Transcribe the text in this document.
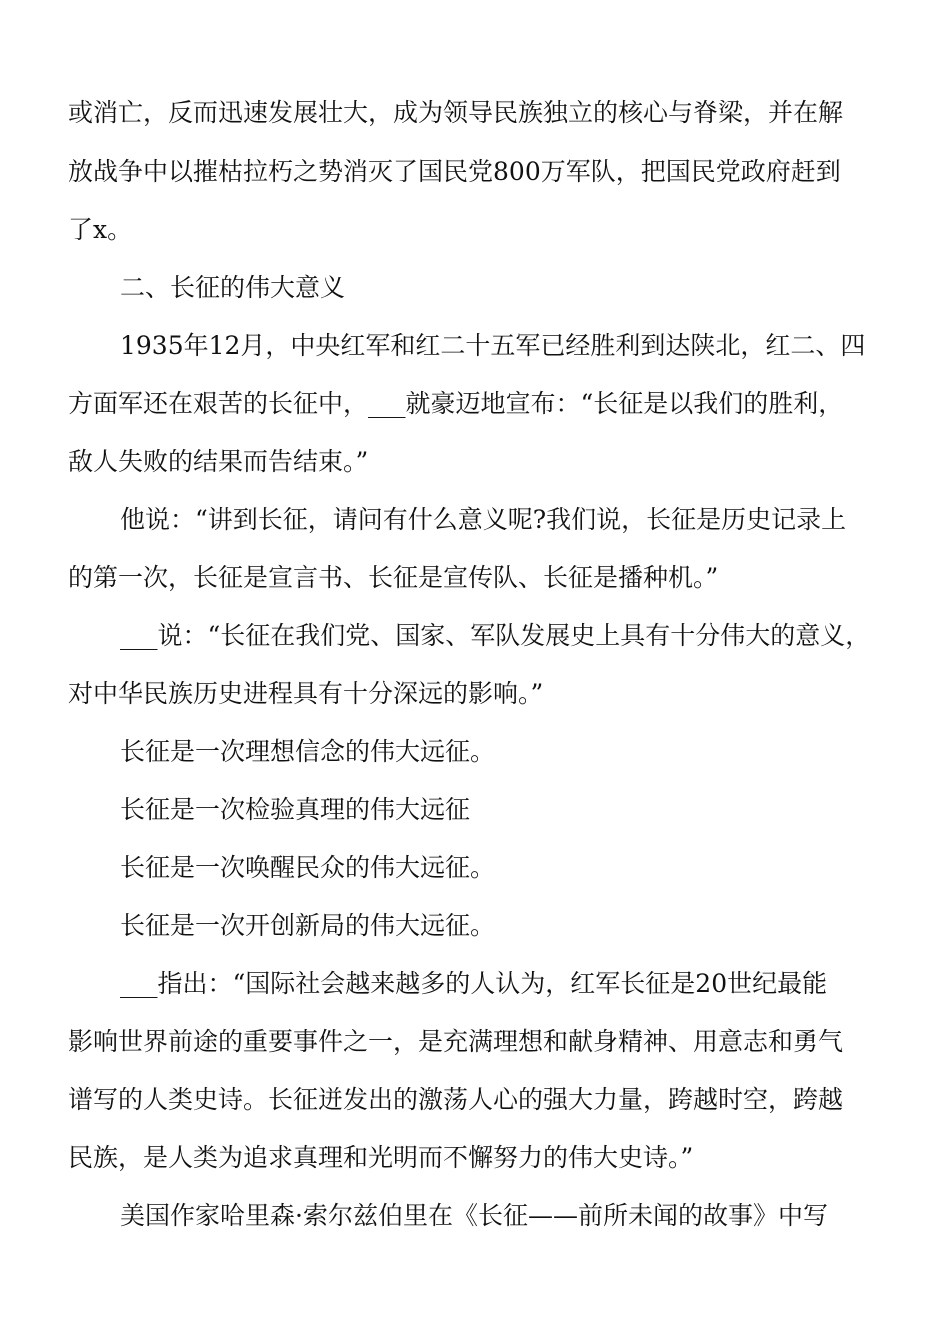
或消亡，反而迅速发展壮大，成为领导民族独立的核心与脊梁，并在解
放战争中以摧枯拉朽之势消灭了国民党800万军队，把国民党政府赶到
了x。
二、长征的伟大意义
1935年12月，中央红军和红二十五军已经胜利到达陕北，红二、四
方面军还在艰苦的长征中，___就豪迈地宣布：“长征是以我们的胜利，
敌人失败的结果而告结束。”
他说：“讲到长征，请问有什么意义呢?我们说，长征是历史记录上
的第一次，长征是宣言书、长征是宣传队、长征是播种机。”
___说：“长征在我们党、国家、军队发展史上具有十分伟大的意义，
对中华民族历史进程具有十分深远的影响。”
长征是一次理想信念的伟大远征。
长征是一次检验真理的伟大远征
长征是一次唤醒民众的伟大远征。
长征是一次开创新局的伟大远征。
___指出：“国际社会越来越多的人认为，红军长征是20世纪最能
影响世界前途的重要事件之一，是充满理想和献身精神、用意志和勇气
谱写的人类史诗。长征迸发出的激荡人心的强大力量，跨越时空，跨越
民族，是人类为追求真理和光明而不懈努力的伟大史诗。”
美国作家哈里森·索尔兹伯里在《长征——前所未闻的故事》中写
